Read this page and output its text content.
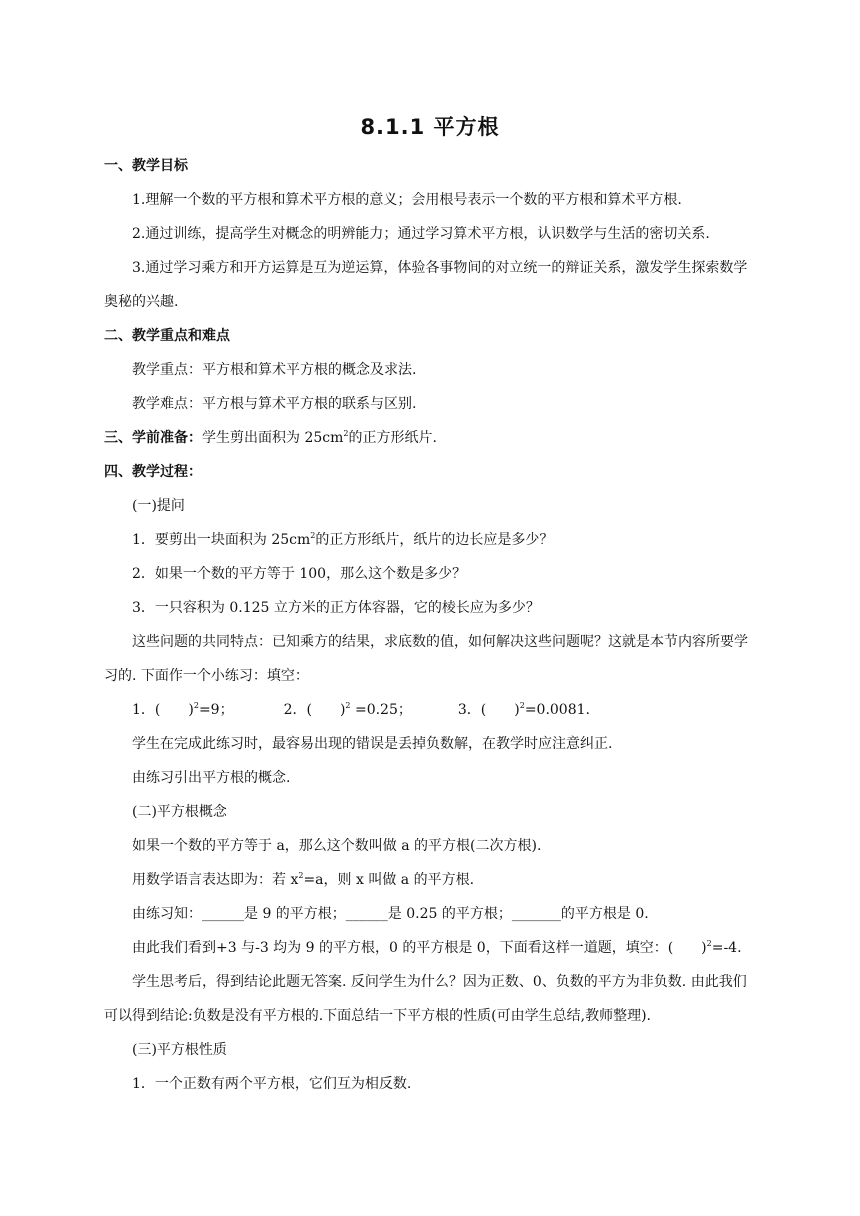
8.1.1 平方根
一、教学目标
1.理解一个数的平方根和算术平方根的意义；会用根号表示一个数的平方根和算术平方根.
2.通过训练，提高学生对概念的明辨能力；通过学习算术平方根，认识数学与生活的密切关系.
3.通过学习乘方和开方运算是互为逆运算，体验各事物间的对立统一的辩证关系，激发学生探索数学奥秘的兴趣.
二、教学重点和难点
教学重点：平方根和算术平方根的概念及求法.
教学难点：平方根与算术平方根的联系与区别.
三、学前准备：学生剪出面积为 $25cm^2$的正方形纸片.
四、教学过程：
(一)提问
1．要剪出一块面积为 $25cm^2$的正方形纸片，纸片的边长应是多少？
2．如果一个数的平方等于 100，那么这个数是多少？
3．一只容积为 0.125 立方米的正方体容器，它的棱长应为多少？
这些问题的共同特点：已知乘方的结果，求底数的值，如何解决这些问题呢？这就是本节内容所要学习的. 下面作一个小练习：填空：
1．(　　)$^2$=9；	2．(　　)$^2$ =0.25；	3．(　　)$^2$=0.0081.
学生在完成此练习时，最容易出现的错误是丢掉负数解，在教学时应注意纠正.
由练习引出平方根的概念.
(二)平方根概念
如果一个数的平方等于 a，那么这个数叫做 a 的平方根(二次方根).
用数学语言表达即为：若 $x^2=a$，则 x 叫做 a 的平方根.
由练习知：______是 9 的平方根；______是 0.25 的平方根；_______的平方根是 0.
由此我们看到+3 与-3 均为 9 的平方根，0 的平方根是 0，下面看这样一道题，填空：(　　)$^2$=-4.
学生思考后，得到结论此题无答案. 反问学生为什么？因为正数、0、负数的平方为非负数. 由此我们可以得到结论:负数是没有平方根的.下面总结一下平方根的性质(可由学生总结,教师整理).
(三)平方根性质
1．一个正数有两个平方根，它们互为相反数.
